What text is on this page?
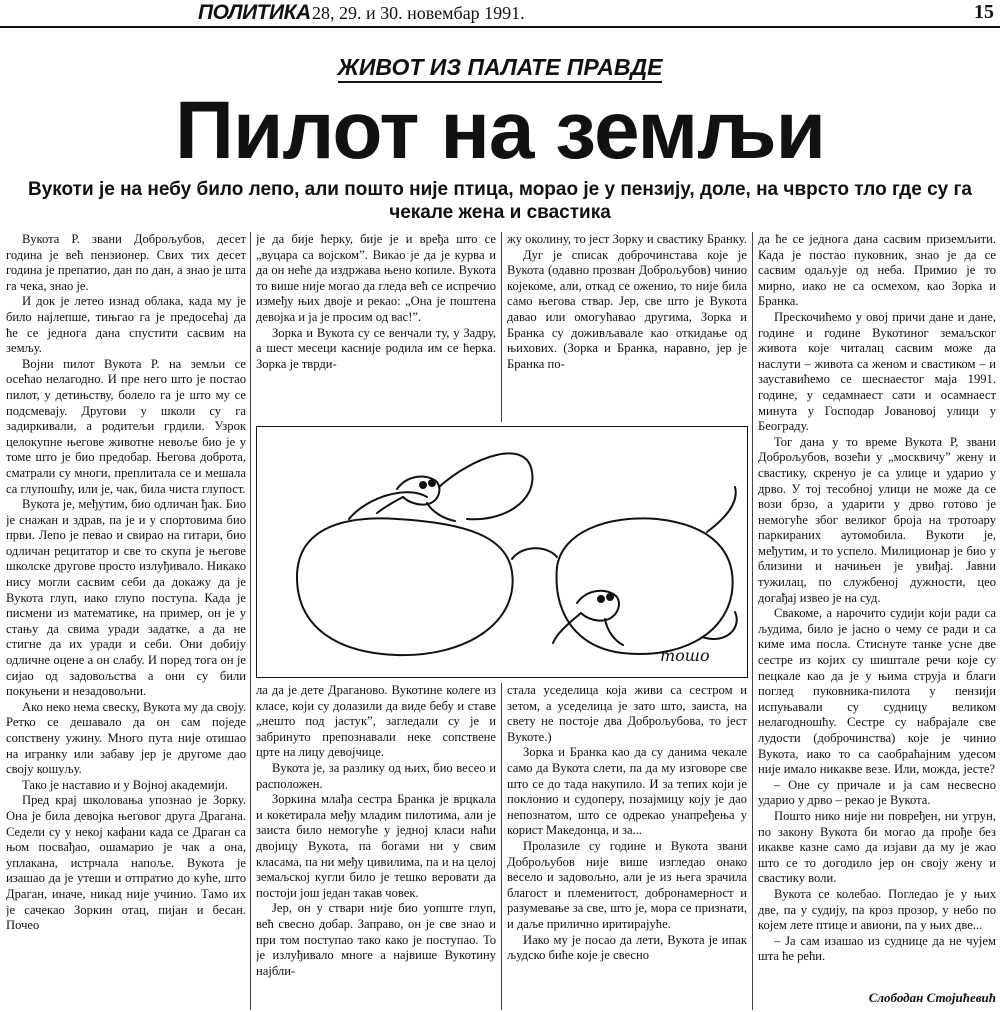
ПОЛИТИКА 28, 29. и 30. новембар 1991.	15
ЖИВОТ ИЗ ПАЛАТЕ ПРАВДЕ
Пилот на земљи
Вукоти је на небу било лепо, али пошто није птица, морао је у пензију, доле, на чврсто тло где су га чекале жена и свастика

Вукота Р. звани Доброљубов, десет година је већ пензионер. Свих тих десет година је препатио, дан по дан, а знао је шта га чека, знао је.

И док је летео изнад облака, када му је било најлепше, тињгао га је предосећај да ће се једнога дана спустити сасвим на земљу.

Војни пилот Вукота Р. на земљи се осећао нелагодно. И пре него што је постао пилот, у детињству, болело га је што му се подсмевају. Другови у школи су га задиркивали, а родитељи грдили. Узрок целокупне његове животне невоље био је у томе што је био предобар. Његова доброта, сматрали су многи, преплитала се и мешала са глупошћу, или је, чак, била чиста глупост.

Вукота је, међутим, био одличан ђак. Био је снажан и здрав, па је и у спортовима био први. Лепо је певао и свирао на гитари, био одличан рецитатор и све то скупа је његове школске другове просто излуђивало. Никако нису могли сасвим себи да докажу да је Вукота глуп, иако глупо поступа. Када је писмени из математике, на пример, он је у стању да свима уради задатке, а да не стигне да их уради и себи. Они добију одличне оцене а он слабу. И поред тога он је сијао од задовољства а они су били покуњени и незадовољни.

Ако неко нема свеску, Вукота му да своју. Ретко се дешавало да он сам поједе сопствену ужину. Много пута није отишао на игранку или забаву јер је другоме дао своју кошуљу.

Тако је наставио и у Војној академији.

Пред крај школовања упознао је Зорку. Она је била девојка његовог друга Драгана. Седели су у некој кафани када се Драган са њом посвађао, ошамарио је чак а она, уплакана, истрчала напоље. Вукота је изашао да је утеши и отпратио до куће, што Драган, иначе, никад није учинио. Тамо их је сачекао Зоркин отац, пијан и бесан. Почео

је да бије ћерку, бије је и вређа што се „вуцара са војском”. Викао је да је курва и да он неће да издржава њено копиле. Вукота то више није могао да гледа већ се испречио између њих двоје и рекао: „Она је поштена девојка и ја је просим од вас!”.

Зорка и Вукота су се венчали ту, у Задру, а шест месеци касније родила им се ћерка. Зорка је тврди-

жу околину, то јест Зорку и свастику Бранку.

Дуг је списак доброчинстава које је Вукота (одавно прозван Доброљубов) чинио којекоме, али, откад се оженио, то није била само његова ствар. Јер, све што је Вукота давао или омогућавао другима, Зорка и Бранка су доживљавале као откидање од њихових. (Зорка и Бранка, наравно, јер је Бранка по-

тошо

ла да је дете Драганово. Вукотине колеге из класе, који су долазили да виде бебу и ставе „нешто под јастук”, загледали су је и забринуто препознавали неке сопствене црте на лицу девојчице.

Вукота је, за разлику од њих, био весео и расположен.

Зоркина млађа сестра Бранка је врцкала и кокетирала међу младим пилотима, али је заиста било немогуће у једној класи наћи двојицу Вукота, па богами ни у свим класама, па ни међу цивилима, па и на целој земаљској кугли било је тешко веровати да постоји још један такав човек.

Јер, он у ствари није био уопште глуп, већ свесно добар. Заправо, он је све знао и при том поступао тако како је поступао. То је излуђивало многе а највише Вукотину најбли-

стала уседелица која живи са сестром и зетом, а уседелица је зато што, заиста, на свету не постоје два Доброљубова, то јест Вукоте.)

Зорка и Бранка као да су данима чекале само да Вукота слети, па да му изговоре све што се до тада накупило. И за тепих који је поклонио и судоперу, позајмицу коју је дао непознатом, што се одрекао унапређења у корист Македонца, и за...

Пролазиле су године и Вукота звани Доброљубов није више изгледао онако весело и задовољно, али је из њега зрачила благост и племенитост, добронамерност и разумевање за све, што је, мора се признати, и даље прилично иритирајуће.

Иако му је посао да лети, Вукота је ипак људско биће које је свесно

да ће се једнога дана сасвим приземљити. Када је постао пуковник, знао је да се сасвим одаљује од неба. Примио је то мирно, иако не са осмехом, као Зорка и Бранка.

Прескочићемо у овој причи дане и дане, године и године Вукотиног земаљског живота које читалац сасвим може да наслути – живота са женом и свастиком – и зауставићемо се шеснаестог маја 1991. године, у седамнаест сати и осамнаест минута у Господар Јовановој улици у Београду.

Тог дана у то време Вукота Р, звани Доброљубов, возећи у „москвичу” жену и свастику, скренуо је са улице и ударио у дрво. У тој тесобној улици не може да се вози брзо, а ударити у дрво готово је немогуће због великог броја на тротоару паркираних аутомобила. Вукоти је, међутим, и то успело. Милиционар је био у близини и начињен је увиђај. Јавни тужилац, по службеној дужности, цео догађај извео је на суд.

Свакоме, а нарочито судији који ради са људима, било је јасно о чему се ради и са киме има посла. Стиснуте танке усне две сестре из којих су шиштале речи које су пецкале као да је у њима струја и благи поглед пуковника-пилота у пензији испуњавали су судницу великом нелагодношћу. Сестре су набрајале све лудости (доброчинства) које је чинио Вукота, иако то са саобраћајним удесом није имало никакве везе. Или, можда, јесте?

– Оне су причале и ја сам несвесно ударио у дрво – рекао је Вукота.

Пошто нико није ни повређен, ни угрун, по закону Вукота би могао да прође без икакве казне само да изјави да му је жао што се то догодило јер он своју жену и свастику воли.

Вукота се колебао. Погледао је у њих две, па у судију, па кроз прозор, у небо по којем лете птице и авиони, па у њих две...

– Ја сам изашао из суднице да не чујем шта ће рећи.

Слободан Стојићевић
